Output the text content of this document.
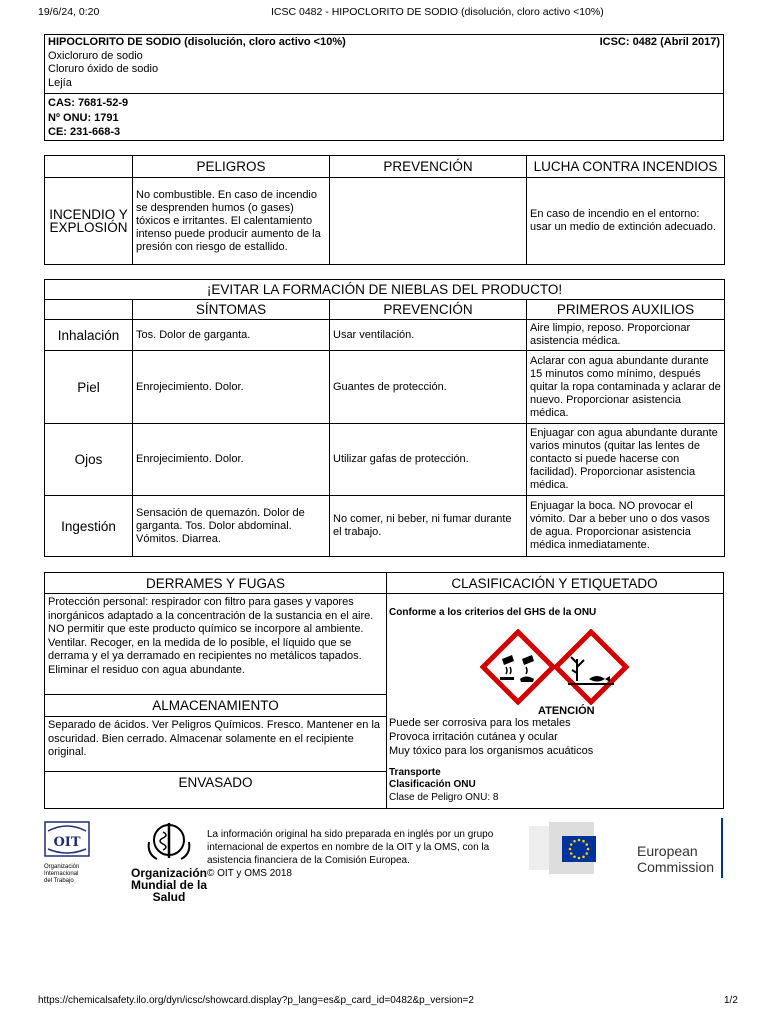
19/6/24, 0:20	ICSC 0482 - HIPOCLORITO DE SODIO (disolución, cloro activo <10%)
HIPOCLORITO DE SODIO (disolución, cloro activo <10%)	ICSC: 0482 (Abril 2017)
Oxicloruro de sodio
Cloruro óxido de sodio
Lejía
CAS: 7681-52-9
Nº ONU: 1791
CE: 231-668-3
	PELIGROS	PREVENCIÓN	LUCHA CONTRA INCENDIOS
INCENDIO Y EXPLOSIÓN	No combustible. En caso de incendio se desprenden humos (o gases) tóxicos e irritantes. El calentamiento intenso puede producir aumento de la presión con riesgo de estallido.		En caso de incendio en el entorno: usar un medio de extinción adecuado.
¡EVITAR LA FORMACIÓN DE NIEBLAS DEL PRODUCTO!			
	SÍNTOMAS	PREVENCIÓN	PRIMEROS AUXILIOS
Inhalación	Tos. Dolor de garganta.	Usar ventilación.	Aire limpio, reposo. Proporcionar asistencia médica.
Piel	Enrojecimiento. Dolor.	Guantes de protección.	Aclarar con agua abundante durante 15 minutos como mínimo, después quitar la ropa contaminada y aclarar de nuevo. Proporcionar asistencia médica.
Ojos	Enrojecimiento. Dolor.	Utilizar gafas de protección.	Enjuagar con agua abundante durante varios minutos (quitar las lentes de contacto si puede hacerse con facilidad). Proporcionar asistencia médica.
Ingestión	Sensación de quemazón. Dolor de garganta. Tos. Dolor abdominal. Vómitos. Diarrea.	No comer, ni beber, ni fumar durante el trabajo.	Enjuagar la boca. NO provocar el vómito. Dar a beber uno o dos vasos de agua. Proporcionar asistencia médica inmediatamente.
DERRAMES Y FUGAS
Protección personal: respirador con filtro para gases y vapores inorgánicos adaptado a la concentración de la sustancia en el aire. NO permitir que este producto químico se incorpore al ambiente. Ventilar. Recoger, en la medida de lo posible, el líquido que se derrama y el ya derramado en recipientes no metálicos tapados. Eliminar el residuo con agua abundante.
ALMACENAMIENTO
Separado de ácidos. Ver Peligros Químicos. Fresco. Mantener en la oscuridad. Bien cerrado. Almacenar solamente en el recipiente original.
ENVASADO
CLASIFICACIÓN Y ETIQUETADO
Conforme a los criterios del GHS de la ONU
ATENCIÓN
Puede ser corrosiva para los metales
Provoca irritación cutánea y ocular
Muy tóxico para los organismos acuáticos
Transporte
Clasificación ONU
Clase de Peligro ONU: 8
OIT
Organización
Internacional
del Trabajo
Organización
Mundial de la Salud
La información original ha sido preparada en inglés por un grupo internacional de expertos en nombre de la OIT y la OMS, con la asistencia financiera de la Comisión Europea.
© OIT y OMS 2018
European
Commission
https://chemicalsafety.ilo.org/dyn/icsc/showcard.display?p_lang=es&p_card_id=0482&p_version=2	1/2
